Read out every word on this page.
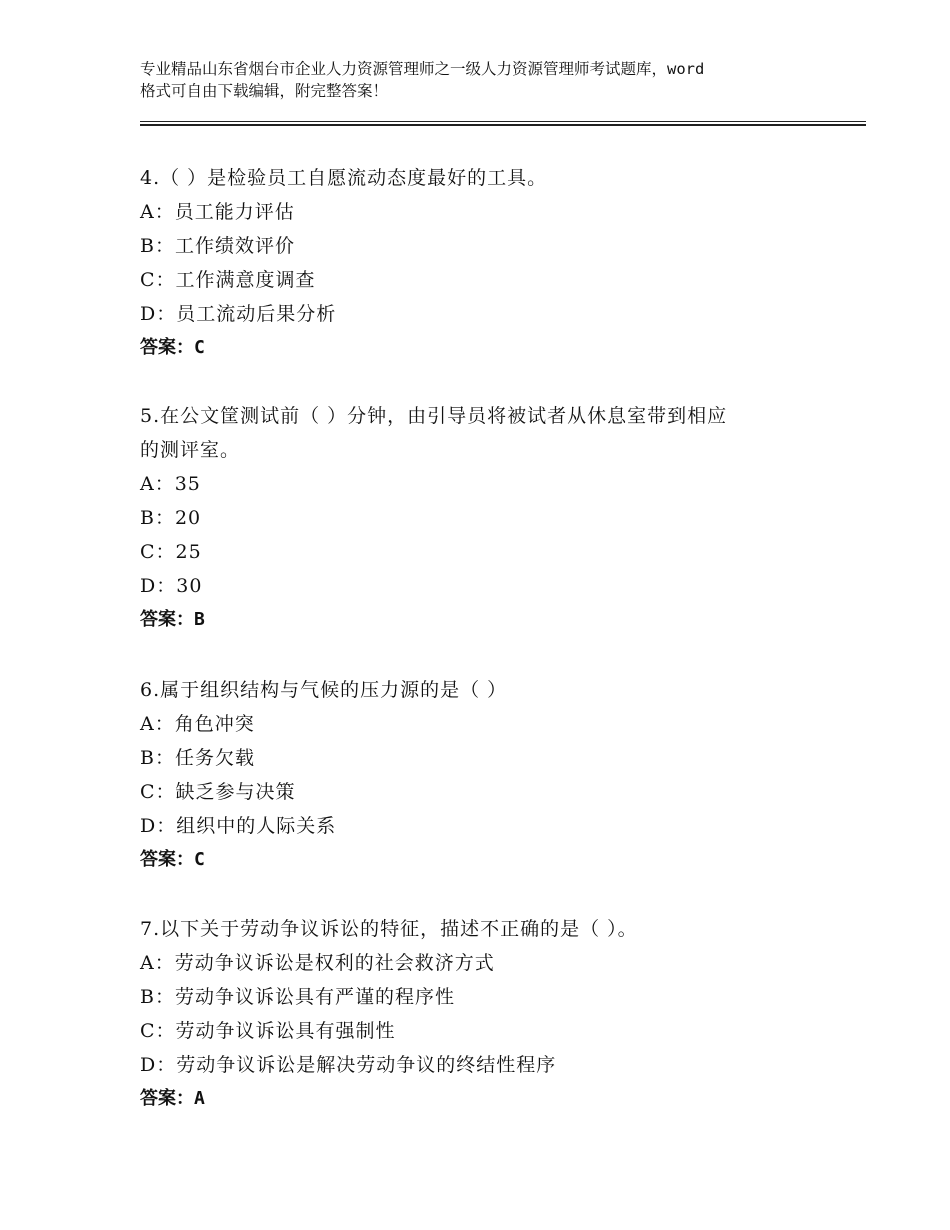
专业精品山东省烟台市企业人力资源管理师之一级人力资源管理师考试题库，word
格式可自由下载编辑，附完整答案！

4.（ ）是检验员工自愿流动态度最好的工具。

A：员工能力评估

B：工作绩效评价

C：工作满意度调查

D：员工流动后果分析

答案：C

5.在公文筐测试前（ ）分钟，由引导员将被试者从休息室带到相应

的测评室。

A：35

B：20

C：25

D：30

答案：B

6.属于组织结构与气候的压力源的是（ ）

A：角色冲突

B：任务欠载

C：缺乏参与决策

D：组织中的人际关系

答案：C

7.以下关于劳动争议诉讼的特征，描述不正确的是（ ）。

A：劳动争议诉讼是权利的社会救济方式

B：劳动争议诉讼具有严谨的程序性

C：劳动争议诉讼具有强制性

D：劳动争议诉讼是解决劳动争议的终结性程序

答案：A
